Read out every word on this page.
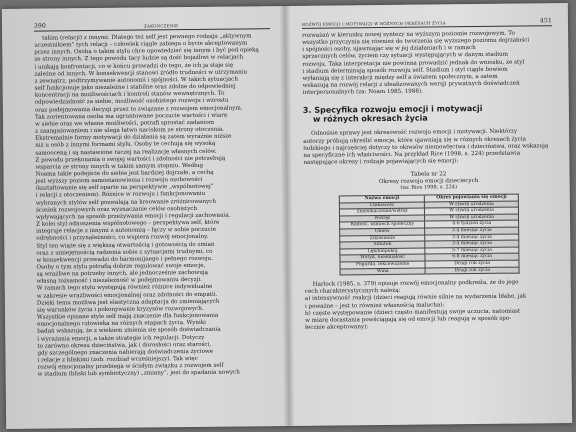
390	ZAKOŃCZENIE

takim (relacji) z innymi. Dlatego też self jest pewnego rodzaju „aktywnym

uczestnikiem” tych relacji – człowiek ciągle zabiega o bycie akceptowanym

przez innych. Osoba o takim stylu chce opowiedzieć się innym i być pod opieką

ze strony innych. Z tego powodu tacy ludzie są dość bojaźliwi w relacjach

i unikają konfrontacji, co w końcu prowadzi do tego, że ich ja staje się

zależne od innych. W konsekwencji stanowi źródło trudności w utrzymaniu

z zewnątrz, podtrzymywanie autonomii i spójności. W takich sytuacjach

self funkcjonuje jako niezależne i stabilne oraz zdolne do odpowiedniej

koncentracji na możliwościach i kontroli stanów wewnętrznych. To

odpowiedzialność za siebie, możliwość osobistego rozwoju i wzrostu

oraz podejmowania decyzji przez to związane z rozwojem emocjonalnym.

Tak zorientowana osoba ma ugruntowane poczucie wartości i wiarę

w siebie oraz we własne możliwości, potrafi sprostać zadaniom

z zaangażowaniem i nie ulega łatwo naciskom ze strony otoczenia.

Ekstremalnie formy motywacji do działania są zatem wyraźnie niższe

niż u osób z innymi formami stylu. Osoby te cechują się wysoką

samooceną i są nastawione raczej na realizację własnych celów.

Z powodu przekonania o swojej wartości i zdolności nie potrzebują

wsparcia ze strony innych w takim samym stopniu. Według

Noama takie podejście do siebie jest bardziej dojrzałe, a cechą

jest wyższy poziom samostanowienia i rozwoju osobowości

(kształtowanie się self oparte na perspektywie „wspólnotowej”

i relacji z otoczeniem). Różnice w rozwoju i funkcjonowaniu

wybranych stylów self pozwalają na kreowanie zróżnicowanych

ścieżek rozwojowych oraz wyznaczanie celów osobistych

wpływających na sposób przeżywania emocji i regulacji zachowania.

Z kolei styl odnoszenia wspólnotowego – perspektywa self, które

integruje relacje z innymi z autonomią – łączy w sobie poczucie

odrębności i przynależności, co wspiera rozwój emocjonalny.

Styl ten wiąże się z większą otwartością i gotowością do zmian

oraz z umiejętnością radzenia sobie z sytuacjami trudnymi, co

w konsekwencji prowadzi do harmonijnego i pełnego rozwoju.

Osoby o tym stylu potrafią dobrze regulować swoje emocje,

są wrażliwe na potrzeby innych, ale jednocześnie zachowują

własną tożsamość i niezależność w podejmowaniu decyzji.

W ramach tego stylu występują również różnice indywidualne

w zakresie wrażliwości emocjonalnej oraz zdolności do empatii.

Dzięki temu możliwa jest elastyczna adaptacja do zmieniających

się warunków życia i pokonywanie kryzysów rozwojowych.

Wszystkie opisane style self mają znaczenie dla funkcjonowania

emocjonalnego człowieka na różnych etapach życia. Wyniki

badań wskazują, że z wiekiem zmienia się sposób doświadczania

i wyrażania emocji, a także strategie ich regulacji. Dotyczy

to zarówno okresu dzieciństwa, jak i dorosłości oraz starości,

gdy szczególnego znaczenia nabierają doświadczenia życiowe

i relacje z bliskimi (zob. rozdział wcześniejszy). Tak więc

rozwój emocjonalny przebiega w ścisłym związku z rozwojem self

w stadium (bliski lub symbiotyczny) „zmiany”, jest do spadania nowych

ROZWÓJ EMOCJI I MOTYWACJI W RÓŻNYCH OKRESACH ŻYCIA	451

rozważań w kierunku nowej syntezy na wyższym poziomie rozwojowym. To

wszystko przyczynia się również do tworzenia się wyższego poziomu dojrzałości

i spójności osoby, ujawniając się w jej działaniach i w ramach

sprzecznych celów, życiem czy sytuacji występujących w danym stadium

rozwoju. Taka interpretacja nie powinna prowadzić jednak do wniosku, że styl

i stadium determinują sposób rozwoju self. Stadium i styl ciągle bowiem

wyłaniają się z interakcji między self a światem społecznym, a zatem

wskazują na rozwój relacji z idealizowanych wersji prywatnych doświadczeń

interpersonalnych (za: Noam 1985, 1988).

3. Specyfika rozwoju emocji i motywacji
w różnych okresach życia

Odnośnie sprawy jest okresowość rozwoju emocji i motywacji. Niektórzy

autorzy próbują określić emocje, które ujawniają się w różnych okresach życia

ludzkiego i najczęściej dotyczy to okresów niemowlęctwa i dzieciństwa, oraz wskazują

na specyficzne ich właściwości. Na przykład Rice (1998, s. 224) przedstawia

następujące okresy i rodzaje pojawiających się emocji:

Tabela nr 22
Okresy rozwoju emocji dzieciecych
(za: Rice 1998, s. 224)
Nazwa emocji	Okres pojawiania się emocji
Ciekawość	W chwili urodzenia
Zniesmaczenie/wstręt	W chwili urodzenia
Wstręt	W chwili urodzenia
Radość, uśmiech społeczny	4-6 tydzień życia
Gniew	3-4 miesiąc życia
Zdziwienie	3-4 miesiąc życia
Smutek	3-4 miesiąc życia
Lęk/niepokój	5-7 miesiąc życia
Wstyd, nieśmiałość	6-8 miesiąc życia
Pogarda, lekceważenie	Drugi rok życia
Wina	Drugi rok życia

Harlock (1985, s. 379) opisuje rozwój emocjonalny podkreśla, że do jego

cech charakterystycznych należą:

a) intensywność reakcji (dzieci reagują równie silnie na wydarzenia błahe, jak

i poważne – jest to również własnością malucha);

b) częste występowanie (dzieci często manifestują swoje uczucia, natomiast

w miarę dorastania powściągają się od emocji lub reagują w sposób spo-

łecznie akceptowany);
